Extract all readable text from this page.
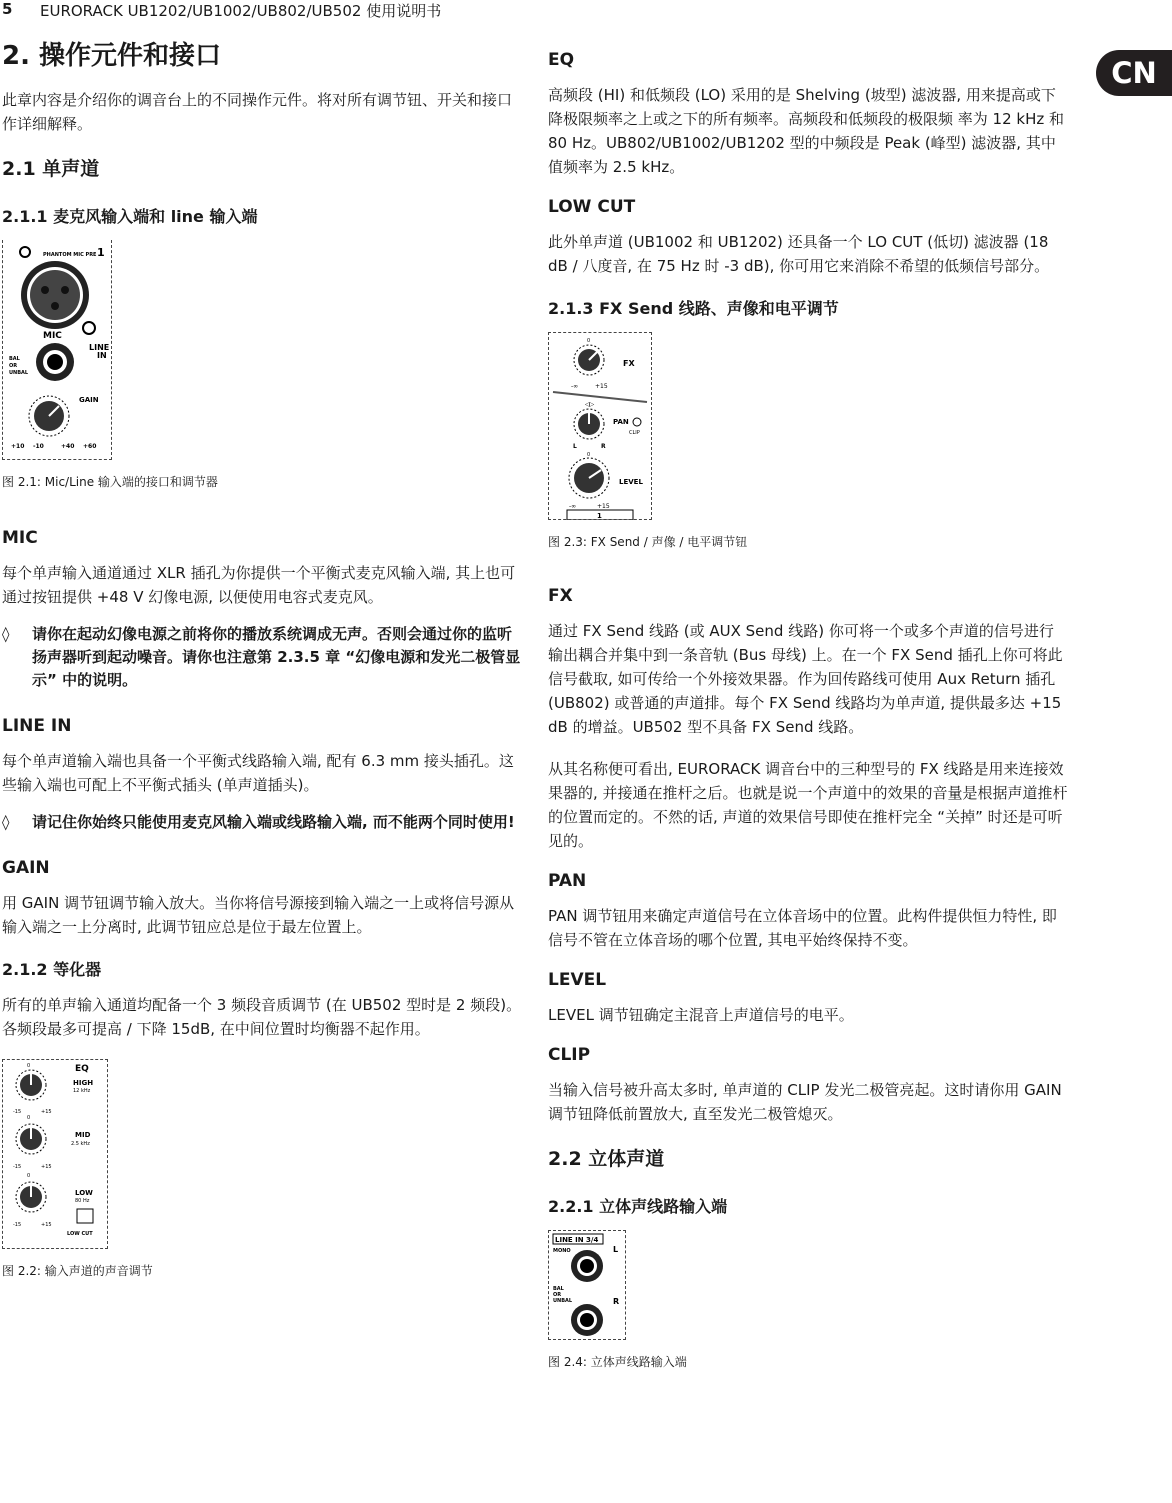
5 EURORACK UB1202/UB1002/UB802/UB502 使用说明书
CN
2. 操作元件和接口

此章内容是介绍你的调音台上的不同操作元件。将对所有调节钮、开关和接口作详细解释。

2.1 单声道
2.1.1 麦克风输入端和 line 输入端
PHANTOM MIC PRE 1
MIC
LINE
IN
BAL
OR
UNBAL
GAIN
+10 -10	+40 +60

图 2.1: Mic/Line 输入端的接口和调节器

MIC

每个单声输入通道通过 XLR 插孔为你提供一个平衡式麦克风输入端, 其上也可通过按钮提供 +48 V 幻像电源, 以便使用电容式麦克风。

◊	请你在起动幻像电源之前将你的播放系统调成无声。否则会通过你的监听扬声器听到起动噪音。请你也注意第 2.3.5 章 “幻像电源和发光二极管显示” 中的说明。
LINE IN

每个单声道输入端也具备一个平衡式线路输入端, 配有 6.3 mm 接头插孔。这些输入端也可配上不平衡式插头 (单声道插头)。

◊	请记住你始终只能使用麦克风输入端或线路输入端, 而不能两个同时使用!
GAIN

用 GAIN 调节钮调节输入放大。当你将信号源接到输入端之一上或将信号源从输入端之一上分离时, 此调节钮应总是位于最左位置上。

2.1.2 等化器

所有的单声输入通道均配备一个 3 频段音质调节 (在 UB502 型时是 2 频段)。各频段最多可提高 / 下降 15dB, 在中间位置时均衡器不起作用。

EQ
HIGH
12 kHz
0
-15	+15
MID
2.5 kHz
0
-15	+15
LOW
80 Hz
0
-15	+15
LOW CUT

图 2.2: 输入声道的声音调节

EQ

高频段 (HI) 和低频段 (LO) 采用的是 Shelving (坡型) 滤波器, 用来提高或下降极限频率之上或之下的所有频率。高频段和低频段的极限频 率为 12 kHz 和 80 Hz。UB802/UB1002/UB1202 型的中频段是 Peak (峰型) 滤波器, 其中值频率为 2.5 kHz。

LOW CUT

此外单声道 (UB1002 和 UB1202) 还具备一个 LO CUT (低切) 滤波器 (18 dB / 八度音, 在 75 Hz 时 -3 dB), 你可用它来消除不希望的低频信号部分。

2.1.3 FX Send 线路、声像和电平调节
0
FX
-∞	+15
◁▷
PAN
CLIP
L	R
0
LEVEL
-∞	+15
1

图 2.3: FX Send / 声像 / 电平调节钮

FX

通过 FX Send 线路 (或 AUX Send 线路) 你可将一个或多个声道的信号进行输出耦合并集中到一条音轨 (Bus 母线) 上。在一个 FX Send 插孔上你可将此信号截取, 如可传给一个外接效果器。作为回传路线可使用 Aux Return 插孔 (UB802) 或普通的声道排。每个 FX Send 线路均为单声道, 提供最多达 +15 dB 的增益。UB502 型不具备 FX Send 线路。

从其名称便可看出, EURORACK 调音台中的三种型号的 FX 线路是用来连接效果器的, 并接通在推杆之后。也就是说一个声道中的效果的音量是根据声道推杆的位置而定的。不然的话, 声道的效果信号即使在推杆完全 “关掉” 时还是可听见的。

PAN

PAN 调节钮用来确定声道信号在立体音场中的位置。此构件提供恒力特性, 即信号不管在立体音场的哪个位置, 其电平始终保持不变。

LEVEL

LEVEL 调节钮确定主混音上声道信号的电平。

CLIP

当输入信号被升高太多时, 单声道的 CLIP 发光二极管亮起。这时请你用 GAIN 调节钮降低前置放大, 直至发光二极管熄灭。

2.2 立体声道
2.2.1 立体声线路输入端
LINE IN 3/4
MONO	L
BAL
OR
UNBAL	R

图 2.4: 立体声线路输入端
